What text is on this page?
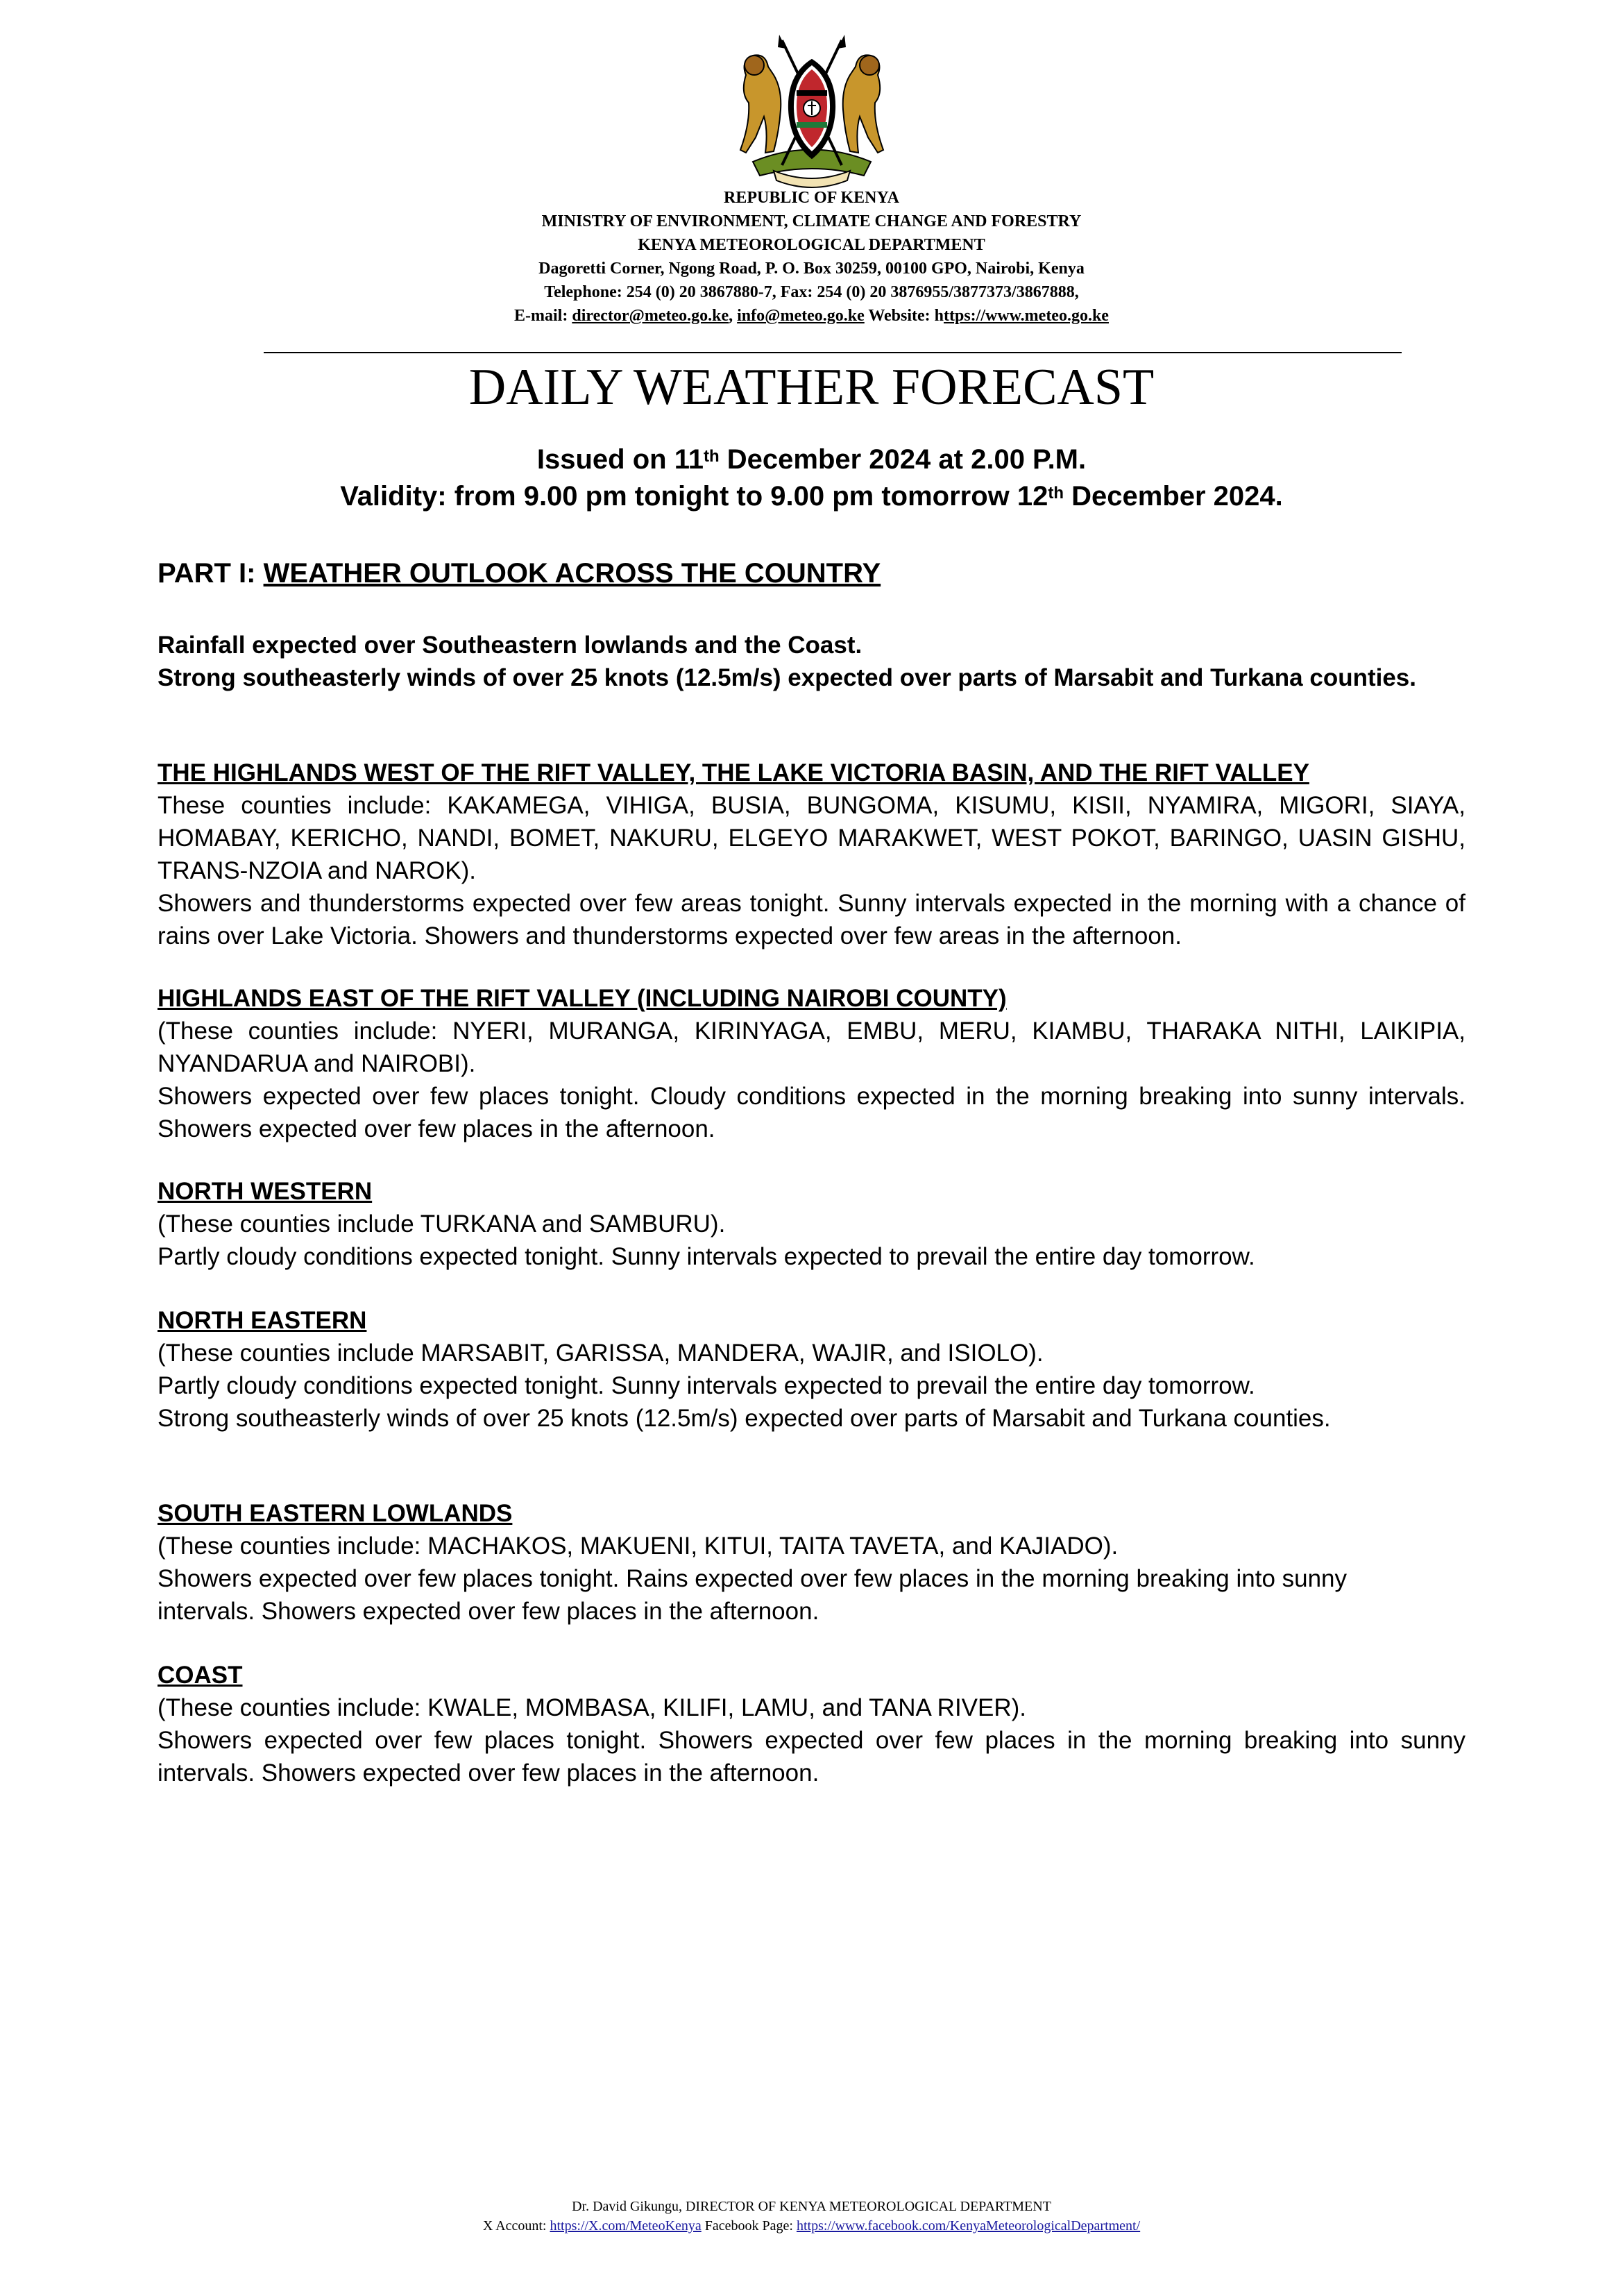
REPUBLIC OF KENYA
MINISTRY OF ENVIRONMENT, CLIMATE CHANGE AND FORESTRY
KENYA METEOROLOGICAL DEPARTMENT
Dagoretti Corner, Ngong Road, P. O. Box 30259, 00100 GPO, Nairobi, Kenya
Telephone: 254 (0) 20 3867880-7, Fax: 254 (0) 20 3876955/3877373/3867888,
E-mail: director@meteo.go.ke, info@meteo.go.ke Website: https://www.meteo.go.ke
DAILY WEATHER FORECAST
Issued on 11th December 2024 at 2.00 P.M.
Validity: from 9.00 pm tonight to 9.00 pm tomorrow 12th December 2024.
PART I: WEATHER OUTLOOK ACROSS THE COUNTRY
Rainfall expected over Southeastern lowlands and the Coast.
Strong southeasterly winds of over 25 knots (12.5m/s) expected over parts of Marsabit and Turkana counties.
THE HIGHLANDS WEST OF THE RIFT VALLEY, THE LAKE VICTORIA BASIN, AND THE RIFT VALLEY
These counties include: KAKAMEGA, VIHIGA, BUSIA, BUNGOMA, KISUMU, KISII, NYAMIRA, MIGORI, SIAYA, HOMABAY, KERICHO, NANDI, BOMET, NAKURU, ELGEYO MARAKWET, WEST POKOT, BARINGO, UASIN GISHU, TRANS-NZOIA and NAROK).
Showers and thunderstorms expected over few areas tonight. Sunny intervals expected in the morning with a chance of rains over Lake Victoria. Showers and thunderstorms expected over few areas in the afternoon.
HIGHLANDS EAST OF THE RIFT VALLEY (INCLUDING NAIROBI COUNTY)
(These counties include: NYERI, MURANGA, KIRINYAGA, EMBU, MERU, KIAMBU, THARAKA NITHI, LAIKIPIA, NYANDARUA and NAIROBI).
Showers expected over few places tonight. Cloudy conditions expected in the morning breaking into sunny intervals. Showers expected over few places in the afternoon.
NORTH WESTERN
(These counties include TURKANA and SAMBURU).
Partly cloudy conditions expected tonight. Sunny intervals expected to prevail the entire day tomorrow.
NORTH EASTERN
(These counties include MARSABIT, GARISSA, MANDERA, WAJIR, and ISIOLO).
Partly cloudy conditions expected tonight. Sunny intervals expected to prevail the entire day tomorrow.
Strong southeasterly winds of over 25 knots (12.5m/s) expected over parts of Marsabit and Turkana counties.
SOUTH EASTERN LOWLANDS
(These counties include: MACHAKOS, MAKUENI, KITUI, TAITA TAVETA, and KAJIADO).
Showers expected over few places tonight. Rains expected over few places in the morning breaking into sunny intervals. Showers expected over few places in the afternoon.
COAST
(These counties include: KWALE, MOMBASA, KILIFI, LAMU, and TANA RIVER).
Showers expected over few places tonight. Showers expected over few places in the morning breaking into sunny intervals. Showers expected over few places in the afternoon.
Dr. David Gikungu, DIRECTOR OF KENYA METEOROLOGICAL DEPARTMENT
X Account: https://X.com/MeteoKenya Facebook Page: https://www.facebook.com/KenyaMeteorologicalDepartment/
